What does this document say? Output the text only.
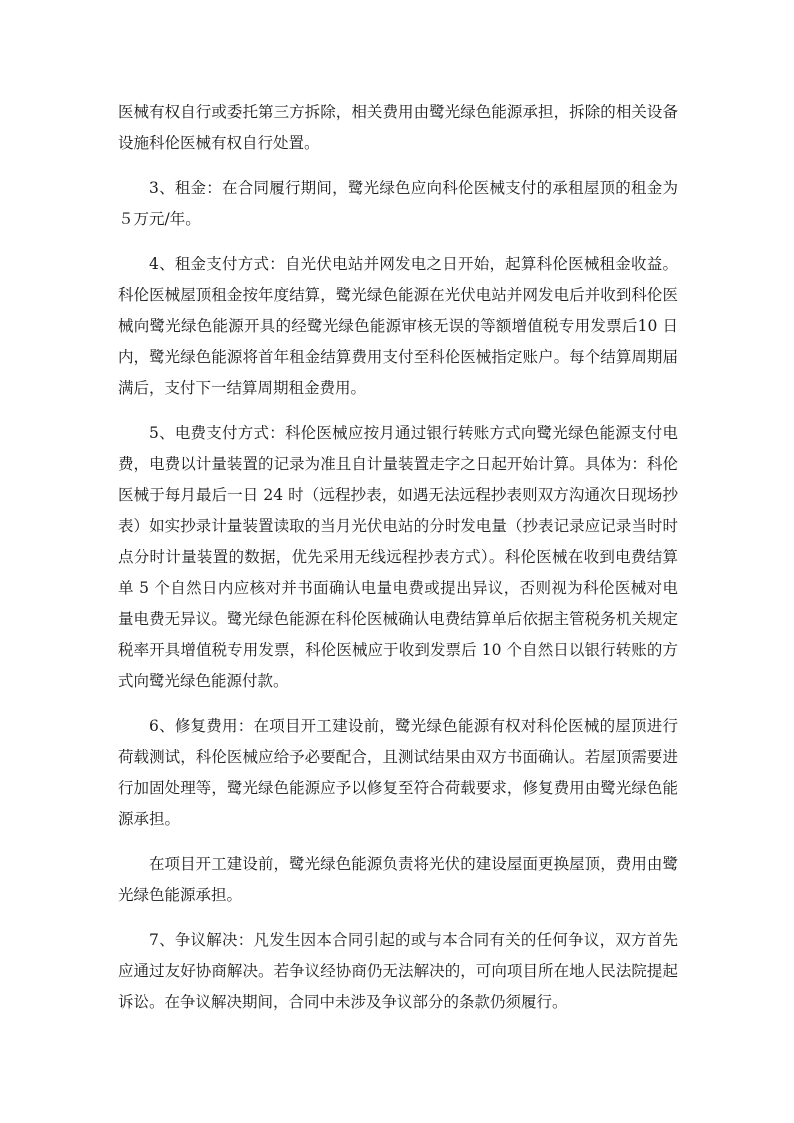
医械有权自行或委托第三方拆除，相关费用由鹭光绿色能源承担，拆除的相关设备设施科伦医械有权自行处置。

3、租金：在合同履行期间，鹭光绿色应向科伦医械支付的承租屋顶的租金为５万元/年。

4、租金支付方式：自光伏电站并网发电之日开始，起算科伦医械租金收益。科伦医械屋顶租金按年度结算，鹭光绿色能源在光伏电站并网发电后并收到科伦医械向鹭光绿色能源开具的经鹭光绿色能源审核无误的等额增值税专用发票后10 日内，鹭光绿色能源将首年租金结算费用支付至科伦医械指定账户。每个结算周期届满后，支付下一结算周期租金费用。

5、电费支付方式：科伦医械应按月通过银行转账方式向鹭光绿色能源支付电费，电费以计量装置的记录为准且自计量装置走字之日起开始计算。具体为：科伦医械于每月最后一日 24 时（远程抄表，如遇无法远程抄表则双方沟通次日现场抄表）如实抄录计量装置读取的当月光伏电站的分时发电量（抄表记录应记录当时时点分时计量装置的数据，优先采用无线远程抄表方式）。科伦医械在收到电费结算单 5 个自然日内应核对并书面确认电量电费或提出异议，否则视为科伦医械对电量电费无异议。鹭光绿色能源在科伦医械确认电费结算单后依据主管税务机关规定税率开具增值税专用发票，科伦医械应于收到发票后 10 个自然日以银行转账的方式向鹭光绿色能源付款。

6、修复费用：在项目开工建设前，鹭光绿色能源有权对科伦医械的屋顶进行荷载测试，科伦医械应给予必要配合，且测试结果由双方书面确认。若屋顶需要进行加固处理等，鹭光绿色能源应予以修复至符合荷载要求，修复费用由鹭光绿色能源承担。

在项目开工建设前，鹭光绿色能源负责将光伏的建设屋面更换屋顶，费用由鹭光绿色能源承担。

7、争议解决：凡发生因本合同引起的或与本合同有关的任何争议，双方首先应通过友好协商解决。若争议经协商仍无法解决的，可向项目所在地人民法院提起诉讼。在争议解决期间，合同中未涉及争议部分的条款仍须履行。
